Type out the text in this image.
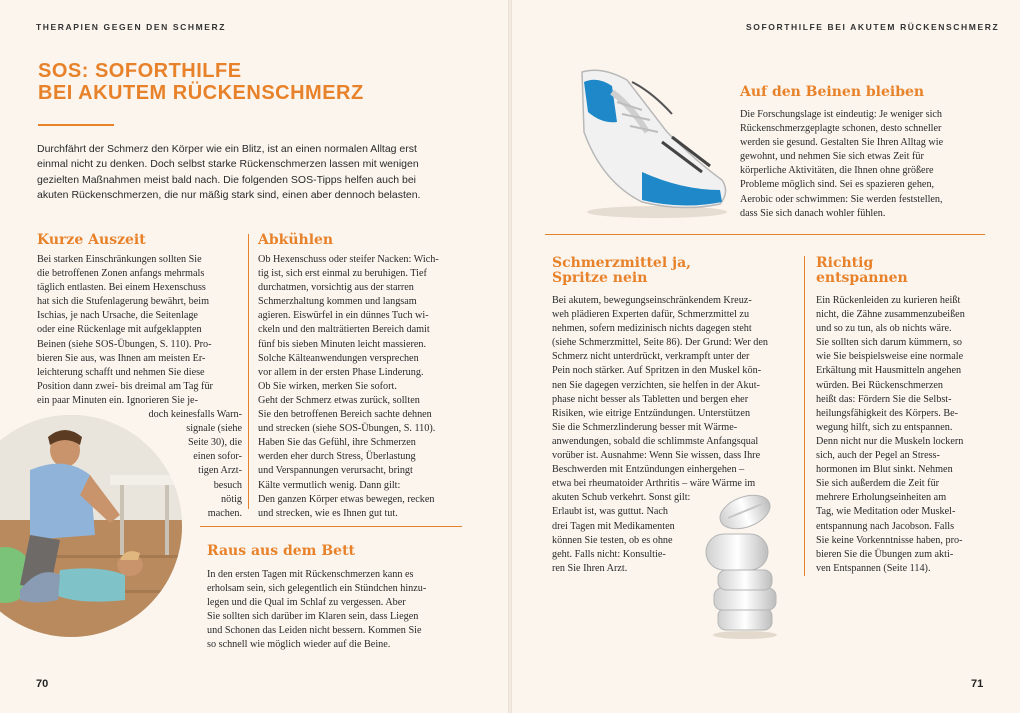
THERAPIEN GEGEN DEN SCHMERZ
SOS: SOFORTHILFE
BEI AKUTEM RÜCKENSCHMERZ
Durchfährt der Schmerz den Körper wie ein Blitz, ist an einen normalen Alltag erst
einmal nicht zu denken. Doch selbst starke Rückenschmerzen lassen mit wenigen
gezielten Maßnahmen meist bald nach. Die folgenden SOS-Tipps helfen auch bei
akuten Rückenschmerzen, die nur mäßig stark sind, einen aber dennoch belasten.
Kurze Auszeit
Bei starken Einschränkungen sollten Sie
die betroffenen Zonen anfangs mehrmals
täglich entlasten. Bei einem Hexenschuss
hat sich die Stufenlagerung bewährt, beim
Ischias, je nach Ursache, die Seitenlage
oder eine Rückenlage mit aufgeklappten
Beinen (siehe SOS-Übungen, S. 110). Pro-
bieren Sie aus, was Ihnen am meisten Er-
leichterung schafft und nehmen Sie diese
Position dann zwei- bis dreimal am Tag für
ein paar Minuten ein. Ignorieren Sie je-
doch keinesfalls Warn-
signale (siehe
Seite 30), die
einen sofor-
tigen Arzt-
besuch
nötig
machen.
Abkühlen
Ob Hexenschuss oder steifer Nacken: Wich-
tig ist, sich erst einmal zu beruhigen. Tief
durchatmen, vorsichtig aus der starren
Schmerzhaltung kommen und langsam
agieren. Eiswürfel in ein dünnes Tuch wi-
ckeln und den malträtierten Bereich damit
fünf bis sieben Minuten leicht massieren.
Solche Kälteanwendungen versprechen
vor allem in der ersten Phase Linderung.
Ob Sie wirken, merken Sie sofort.
Geht der Schmerz etwas zurück, sollten
Sie den betroffenen Bereich sachte dehnen
und strecken (siehe SOS-Übungen, S. 110).
Haben Sie das Gefühl, ihre Schmerzen
werden eher durch Stress, Überlastung
und Verspannungen verursacht, bringt
Kälte vermutlich wenig. Dann gilt:
Den ganzen Körper etwas bewegen, recken
und strecken, wie es Ihnen gut tut.
Raus aus dem Bett
In den ersten Tagen mit Rückenschmerzen kann es
erholsam sein, sich gelegentlich ein Stündchen hinzu-
legen und die Qual im Schlaf zu vergessen. Aber
Sie sollten sich darüber im Klaren sein, dass Liegen
und Schonen das Leiden nicht bessern. Kommen Sie
so schnell wie möglich wieder auf die Beine.
70
SOFORTHILFE BEI AKUTEM RÜCKENSCHMERZ
Auf den Beinen bleiben
Die Forschungslage ist eindeutig: Je weniger sich
Rückenschmerzgeplagte schonen, desto schneller
werden sie gesund. Gestalten Sie Ihren Alltag wie
gewohnt, und nehmen Sie sich etwas Zeit für
körperliche Aktivitäten, die Ihnen ohne größere
Probleme möglich sind. Sei es spazieren gehen,
Aerobic oder schwimmen: Sie werden feststellen,
dass Sie sich danach wohler fühlen.
Schmerzmittel ja,
Spritze nein
Bei akutem, bewegungseinschränkendem Kreuz-
weh plädieren Experten dafür, Schmerzmittel zu
nehmen, sofern medizinisch nichts dagegen steht
(siehe Schmerzmittel, Seite 86). Der Grund: Wer den
Schmerz nicht unterdrückt, verkrampft unter der
Pein noch stärker. Auf Spritzen in den Muskel kön-
nen Sie dagegen verzichten, sie helfen in der Akut-
phase nicht besser als Tabletten und bergen eher
Risiken, wie eitrige Entzündungen. Unterstützen
Sie die Schmerzlinderung besser mit Wärme-
anwendungen, sobald die schlimmste Anfangsqual
vorüber ist. Ausnahme: Wenn Sie wissen, dass Ihre
Beschwerden mit Entzündungen einhergehen –
etwa bei rheumatoider Arthritis – wäre Wärme im
akuten Schub verkehrt. Sonst gilt:
Erlaubt ist, was guttut. Nach
drei Tagen mit Medikamenten
können Sie testen, ob es ohne
geht. Falls nicht: Konsultie-
ren Sie Ihren Arzt.
Richtig
entspannen
Ein Rückenleiden zu kurieren heißt
nicht, die Zähne zusammenzubeißen
und so zu tun, als ob nichts wäre.
Sie sollten sich darum kümmern, so
wie Sie beispielsweise eine normale
Erkältung mit Hausmitteln angehen
würden. Bei Rückenschmerzen
heißt das: Fördern Sie die Selbst-
heilungsfähigkeit des Körpers. Be-
wegung hilft, sich zu entspannen.
Denn nicht nur die Muskeln lockern
sich, auch der Pegel an Stress-
hormonen im Blut sinkt. Nehmen
Sie sich außerdem die Zeit für
mehrere Erholungseinheiten am
Tag, wie Meditation oder Muskel-
entspannung nach Jacobson. Falls
Sie keine Vorkenntnisse haben, pro-
bieren Sie die Übungen zum akti-
ven Entspannen (Seite 114).
71
